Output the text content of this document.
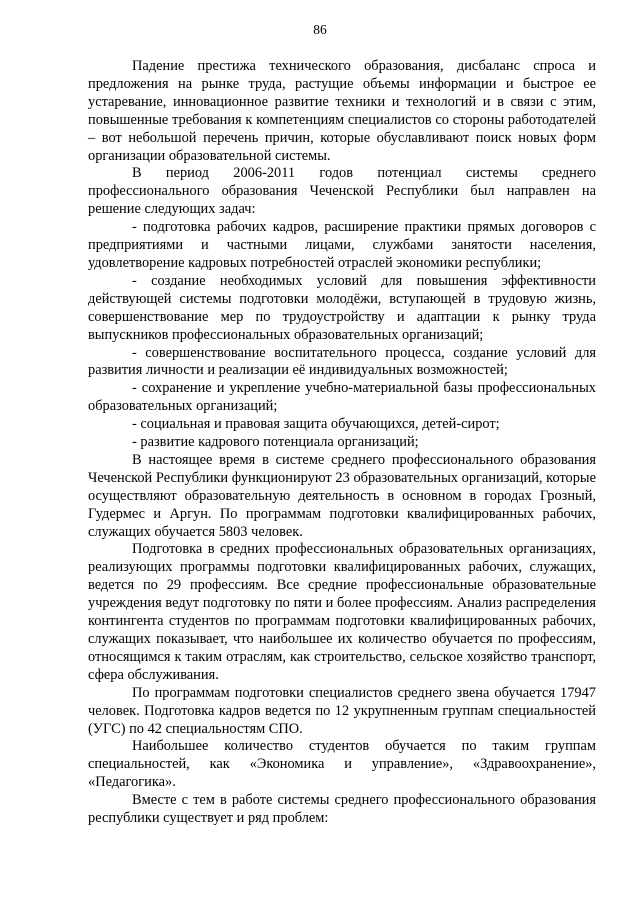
86

Падение престижа технического образования, дисбаланс спроса и предложения на рынке труда, растущие объемы информации и быстрое ее устаревание, инновационное развитие техники и технологий и в связи с этим, повышенные требования к компетенциям специалистов со стороны работодателей – вот небольшой перечень причин, которые обуславливают поиск новых форм организации образовательной системы.

В период 2006-2011 годов потенциал системы среднего профессионального образования Чеченской Республики был направлен на решение следующих задач:

- подготовка рабочих кадров, расширение практики прямых договоров с предприятиями и частными лицами, службами занятости населения, удовлетворение кадровых потребностей отраслей экономики республики;

- создание необходимых условий для повышения эффективности действующей системы подготовки молодёжи, вступающей в трудовую жизнь, совершенствование мер по трудоустройству и адаптации к рынку труда выпускников профессиональных образовательных организаций;

- совершенствование воспитательного процесса, создание условий для развития личности и реализации её индивидуальных возможностей;

- сохранение и укрепление учебно-материальной базы профессиональных образовательных организаций;

- социальная и правовая защита обучающихся, детей-сирот;

- развитие кадрового потенциала организаций;

В настоящее время в системе среднего профессионального образования Чеченской Республики функционируют 23 образовательных организаций, которые осуществляют образовательную деятельность в основном в городах Грозный, Гудермес и Аргун. По программам подготовки квалифицированных рабочих, служащих обучается 5803 человек.

Подготовка в средних профессиональных образовательных организациях, реализующих программы подготовки квалифицированных рабочих, служащих, ведется по 29 профессиям. Все средние профессиональные образовательные учреждения ведут подготовку по пяти и более профессиям. Анализ распределения контингента студентов по программам подготовки квалифицированных рабочих, служащих показывает, что наибольшее их количество обучается по профессиям, относящимся к таким отраслям, как строительство, сельское хозяйство транспорт, сфера обслуживания.

По программам подготовки специалистов среднего звена обучается 17947 человек. Подготовка кадров ведется по 12 укрупненным группам специальностей (УГС) по 42 специальностям СПО.

Наибольшее количество студентов обучается по таким группам специальностей, как «Экономика и управление», «Здравоохранение», «Педагогика».

Вместе с тем в работе системы среднего профессионального образования республики существует и ряд проблем:
